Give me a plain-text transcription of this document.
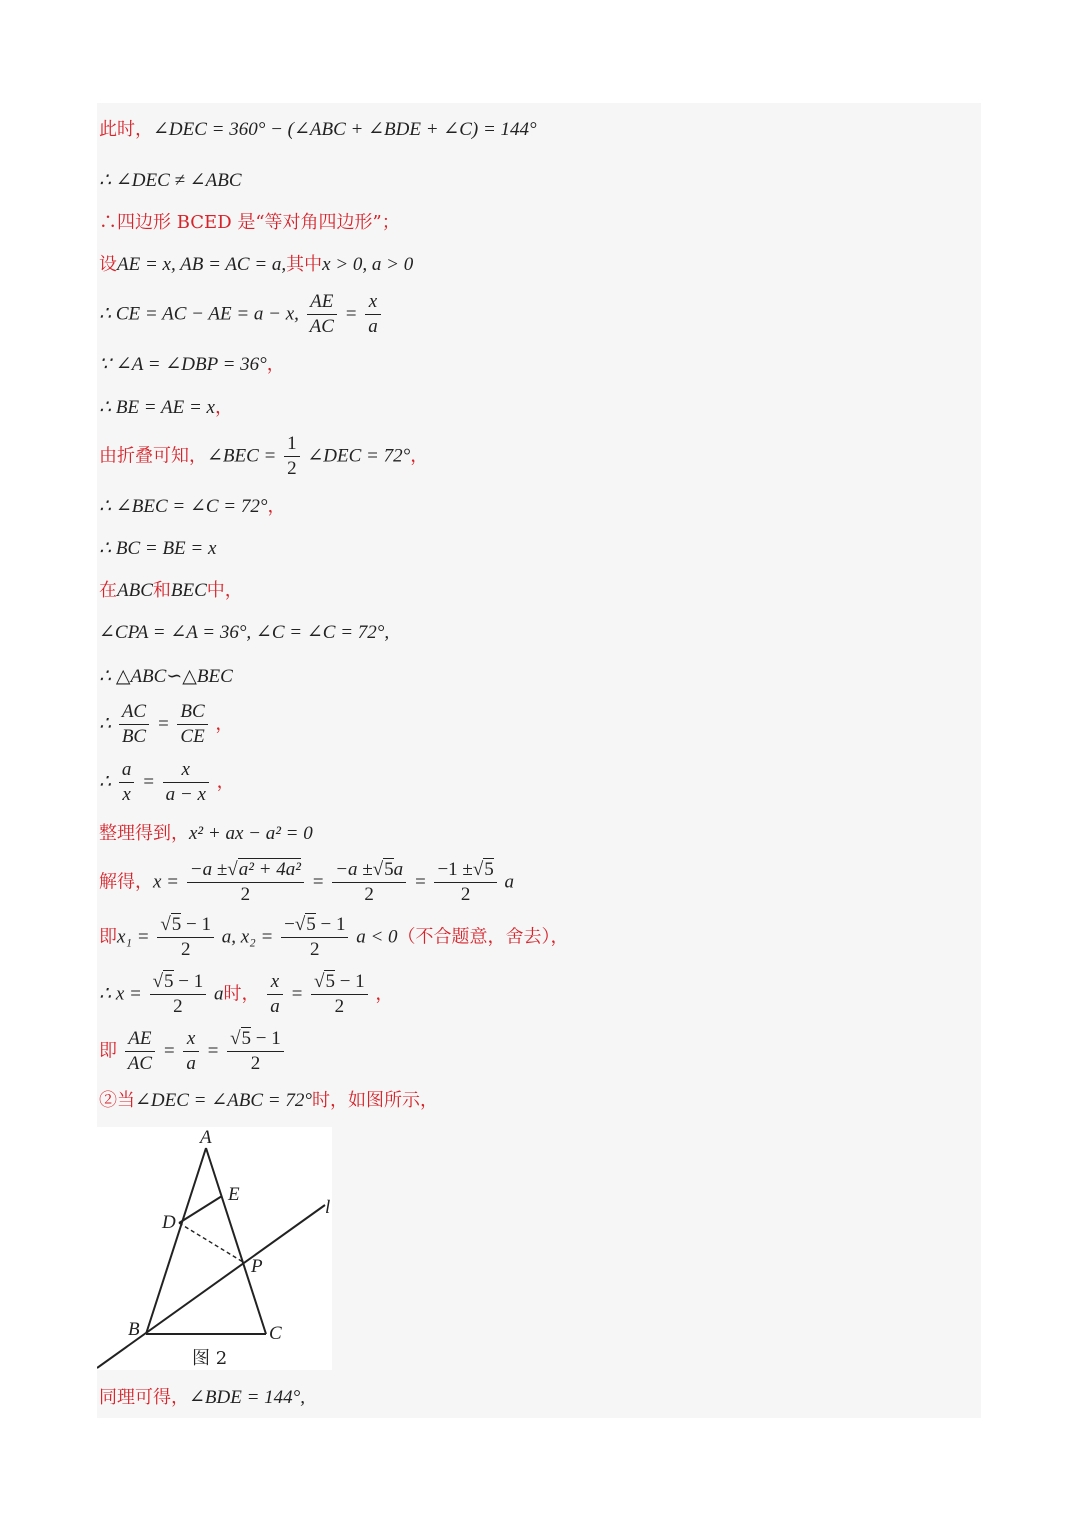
此时，∠DEC = 360° − (∠ABC + ∠BDE + ∠C) = 144°
∴ ∠DEC ≠ ∠ABC
∴四边形 BCED 是“等对角四边形”；
设AE = x, AB = AC = a,其中x > 0, a > 0
∴ CE = AC − AE = a − x, $\frac{AE}{AC} = \frac{x}{a}$
∵ ∠A = ∠DBP = 36°，
∴ BE = AE = x，
由折叠可知，∠BEC = $\frac{1}{2}$ ∠DEC = 72°，
∴ ∠BEC = ∠C = 72°，
∴ BC = BE = x
在ABC和BEC中，
∠CPA = ∠A = 36°, ∠C = ∠C = 72°,
∴ △ABC∽△BEC
∴ $\frac{AC}{BC} = \frac{BC}{CE}$ ，
∴ $\frac{a}{x} = \frac{x}{a - x}$ ，
整理得到，x² + ax − a² = 0
解得，$x = \frac{\text{−a ±√a² + 4a²}}{2} = \frac{-a \pm√5a}{2} = \frac{-1 \pm√5}{2}$ a
即$x_1 = \frac{√5 - 1}{2} a$, $x_2 = \frac{-√5 - 1}{2}$ a < 0（不合题意，舍去），
∴ $x = \frac{√5 - 1}{2}$ a时， $\frac{x}{a} = \frac{√5 - 1}{2}$ ，
即 $\frac{AE}{AC} = \frac{x}{a} = \frac{√5 - 1}{2}$
②当∠DEC = ∠ABC = 72°时，如图所示，
A
E
D
P
B	C
l
图 2
同理可得，∠BDE = 144°,
